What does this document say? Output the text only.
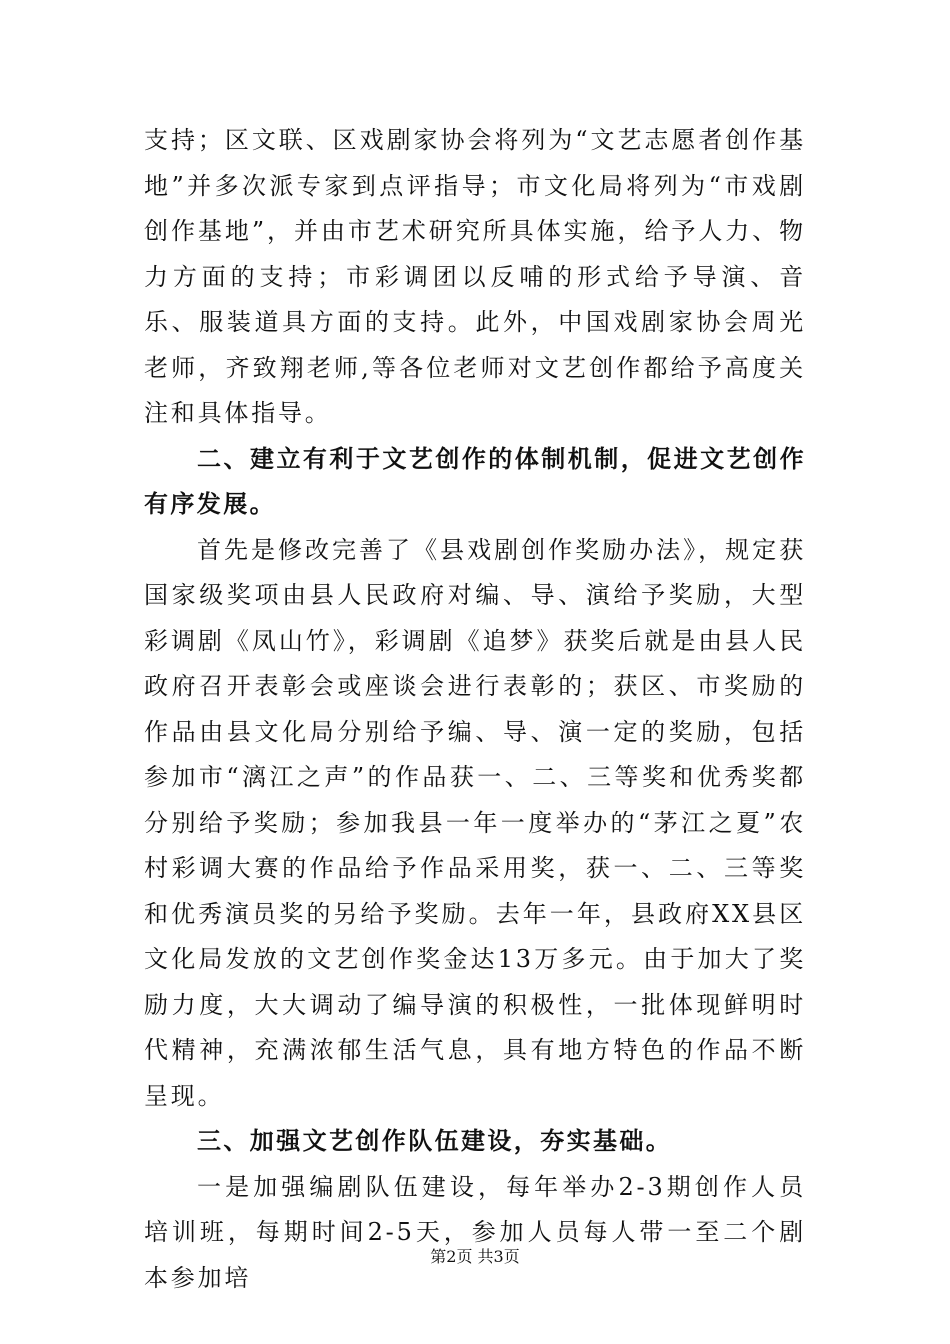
支持；区文联、区戏剧家协会将列为“文艺志愿者创作基地”并多次派专家到点评指导；市文化局将列为“市戏剧创作基地”，并由市艺术研究所具体实施，给予人力、物力方面的支持；市彩调团以反哺的形式给予导演、音乐、服装道具方面的支持。此外，中国戏剧家协会周光老师，齐致翔老师,等各位老师对文艺创作都给予高度关注和具体指导。

二、建立有利于文艺创作的体制机制，促进文艺创作有序发展。

首先是修改完善了《县戏剧创作奖励办法》，规定获国家级奖项由县人民政府对编、导、演给予奖励，大型彩调剧《凤山竹》，彩调剧《追梦》获奖后就是由县人民政府召开表彰会或座谈会进行表彰的；获区、市奖励的作品由县文化局分别给予编、导、演一定的奖励，包括参加市“漓江之声”的作品获一、二、三等奖和优秀奖都分别给予奖励；参加我县一年一度举办的“茅江之夏”农村彩调大赛的作品给予作品采用奖，获一、二、三等奖和优秀演员奖的另给予奖励。去年一年，县政府XX县区文化局发放的文艺创作奖金达13万多元。由于加大了奖励力度，大大调动了编导演的积极性，一批体现鲜明时代精神，充满浓郁生活气息，具有地方特色的作品不断呈现。

三、加强文艺创作队伍建设，夯实基础。

一是加强编剧队伍建设，每年举办2-3期创作人员培训班，每期时间2-5天，参加人员每人带一至二个剧本参加培

第2页 共3页
